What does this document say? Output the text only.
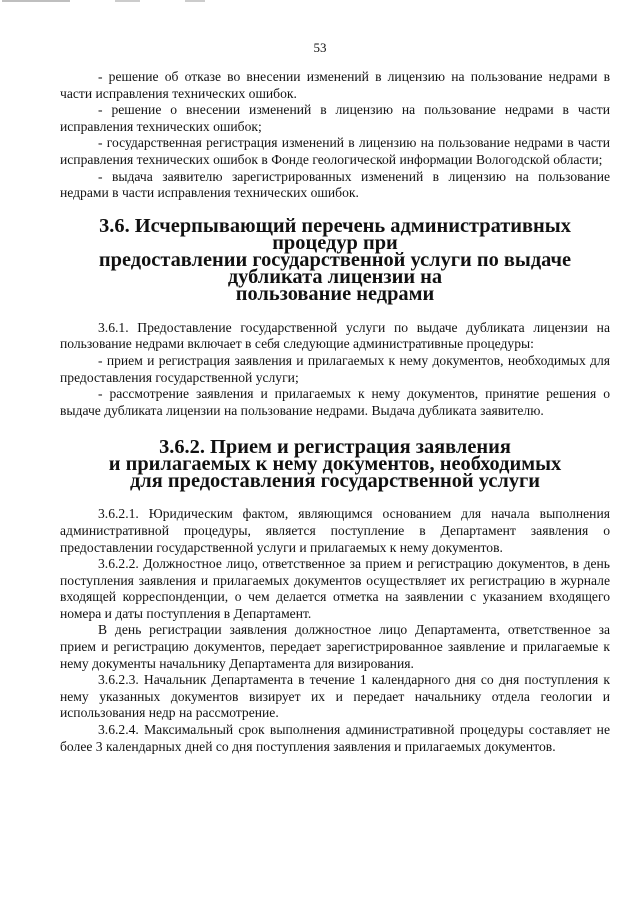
53

- решение об отказе во внесении изменений в лицензию на пользование недрами в части исправления технических ошибок.

- решение о внесении изменений в лицензию на пользование недрами в части исправления технических ошибок;

- государственная регистрация изменений в лицензию на пользование недрами в части исправления технических ошибок в Фонде геологической информации Вологодской области;

- выдача заявителю зарегистрированных изменений в лицензию на пользование недрами в части исправления технических ошибок.

3.6. Исчерпывающий перечень административных процедур при
предоставлении государственной услуги по выдаче дубликата лицензии на
пользование недрами

3.6.1. Предоставление государственной услуги по выдаче дубликата лицензии на пользование недрами включает в себя следующие административные процедуры:

- прием и регистрация заявления и прилагаемых к нему документов, необходимых для предоставления государственной услуги;

- рассмотрение заявления и прилагаемых к нему документов, принятие решения о выдаче дубликата лицензии на пользование недрами. Выдача дубликата заявителю.

3.6.2. Прием и регистрация заявления
и прилагаемых к нему документов, необходимых
для предоставления государственной услуги

3.6.2.1. Юридическим фактом, являющимся основанием для начала выполнения административной процедуры, является поступление в Департамент заявления о предоставлении государственной услуги и прилагаемых к нему документов.

3.6.2.2. Должностное лицо, ответственное за прием и регистрацию документов, в день поступления заявления и прилагаемых документов осуществляет их регистрацию в журнале входящей корреспонденции, о чем делается отметка на заявлении с указанием входящего номера и даты поступления в Департамент.

В день регистрации заявления должностное лицо Департамента, ответственное за прием и регистрацию документов, передает зарегистрированное заявление и прилагаемые к нему документы начальнику Департамента для визирования.

3.6.2.3. Начальник Департамента в течение 1 календарного дня со дня поступления к нему указанных документов визирует их и передает начальнику отдела геологии и использования недр на рассмотрение.

3.6.2.4. Максимальный срок выполнения административной процедуры составляет не более 3 календарных дней со дня поступления заявления и прилагаемых документов.
